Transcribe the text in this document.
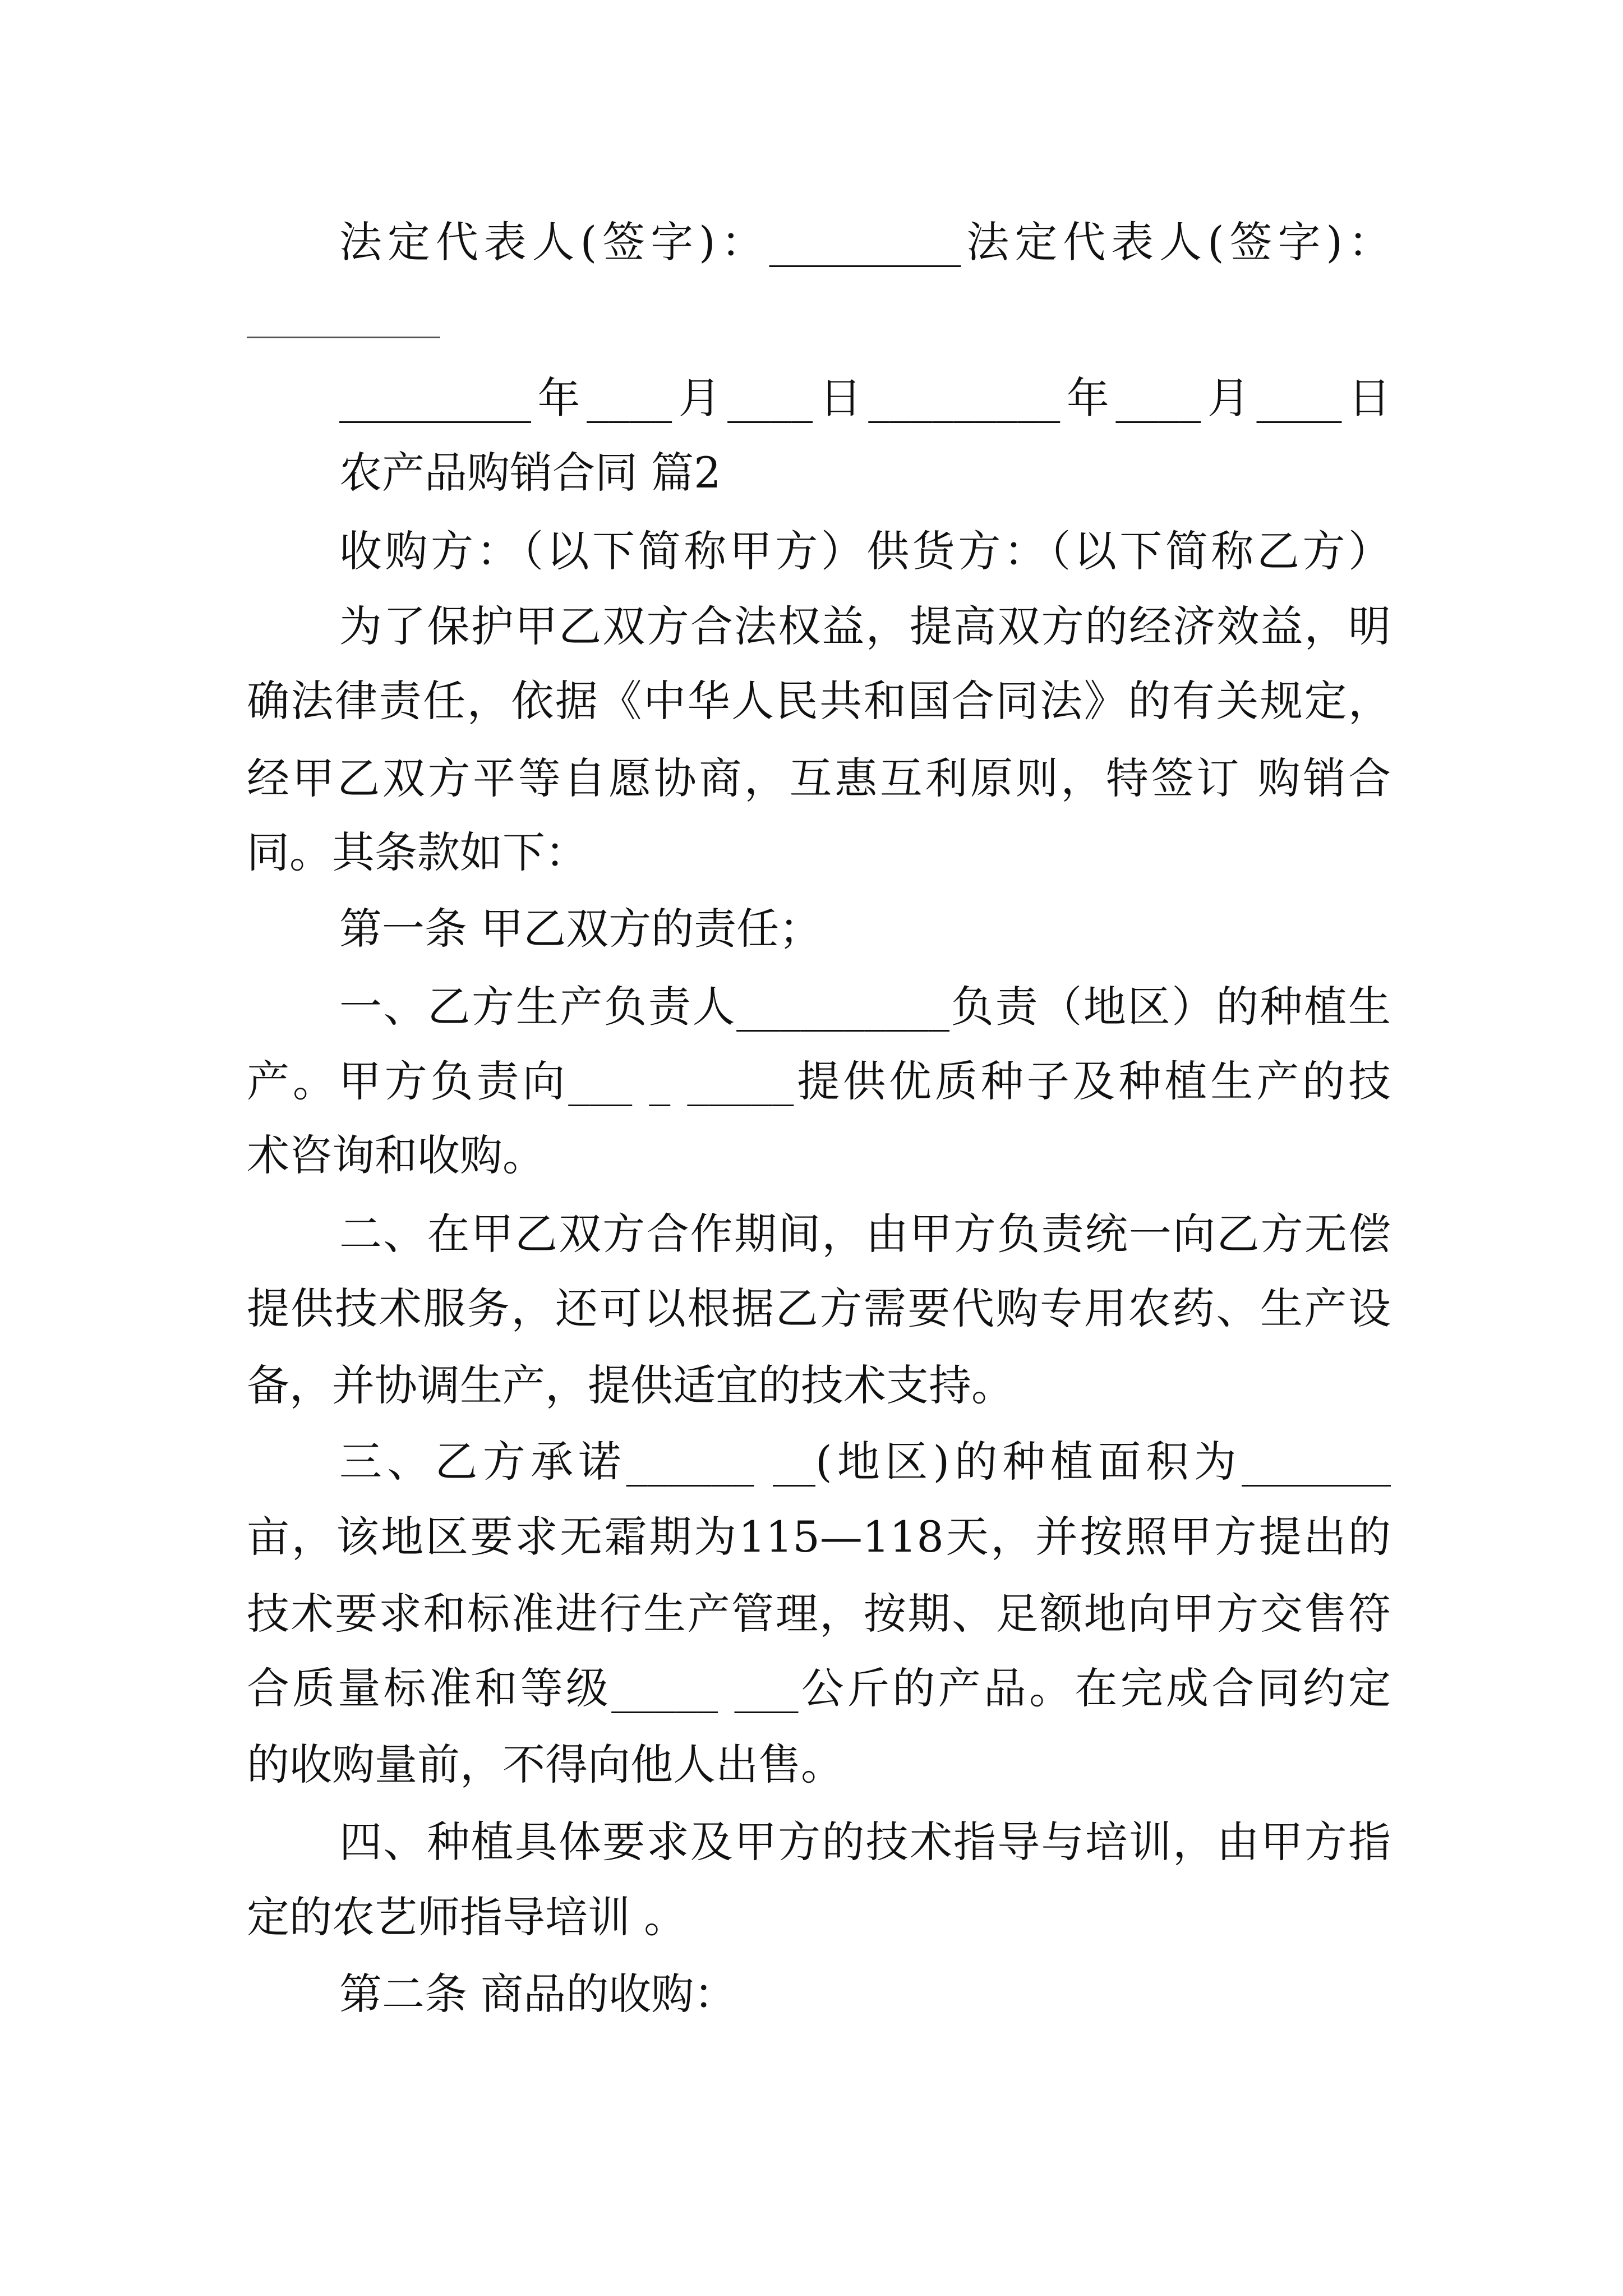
法定代表人(签字)：_________法定代表人(签字)：
_________年____月____日_________年____月____日
农产品购销合同 篇2
收购方：（以下简称甲方）供货方：（以下简称乙方）
为了保护甲乙双方合法权益，提高双方的经济效益，明
确法律责任，依据《中华人民共和国合同法》的有关规定，
经甲乙双方平等自愿协商，互惠互利原则，特签订 购销合
同。其条款如下：
第一条 甲乙双方的责任；
一、乙方生产负责人__________负责（地区）的种植生
产。甲方负责向___ _ _____提供优质种子及种植生产的技
术咨询和收购。
二、在甲乙双方合作期间，由甲方负责统一向乙方无偿
提供技术服务，还可以根据乙方需要代购专用农药、生产设
备，并协调生产，提供适宜的技术支持。
三、乙方承诺______ __(地区)的种植面积为_______
亩，该地区要求无霜期为115—118天，并按照甲方提出的
技术要求和标准进行生产管理，按期、足额地向甲方交售符
合质量标准和等级_____ ___公斤的产品。在完成合同约定
的收购量前，不得向他人出售。
四、种植具体要求及甲方的技术指导与培训，由甲方指
定的农艺师指导培训 。
第二条 商品的收购：
